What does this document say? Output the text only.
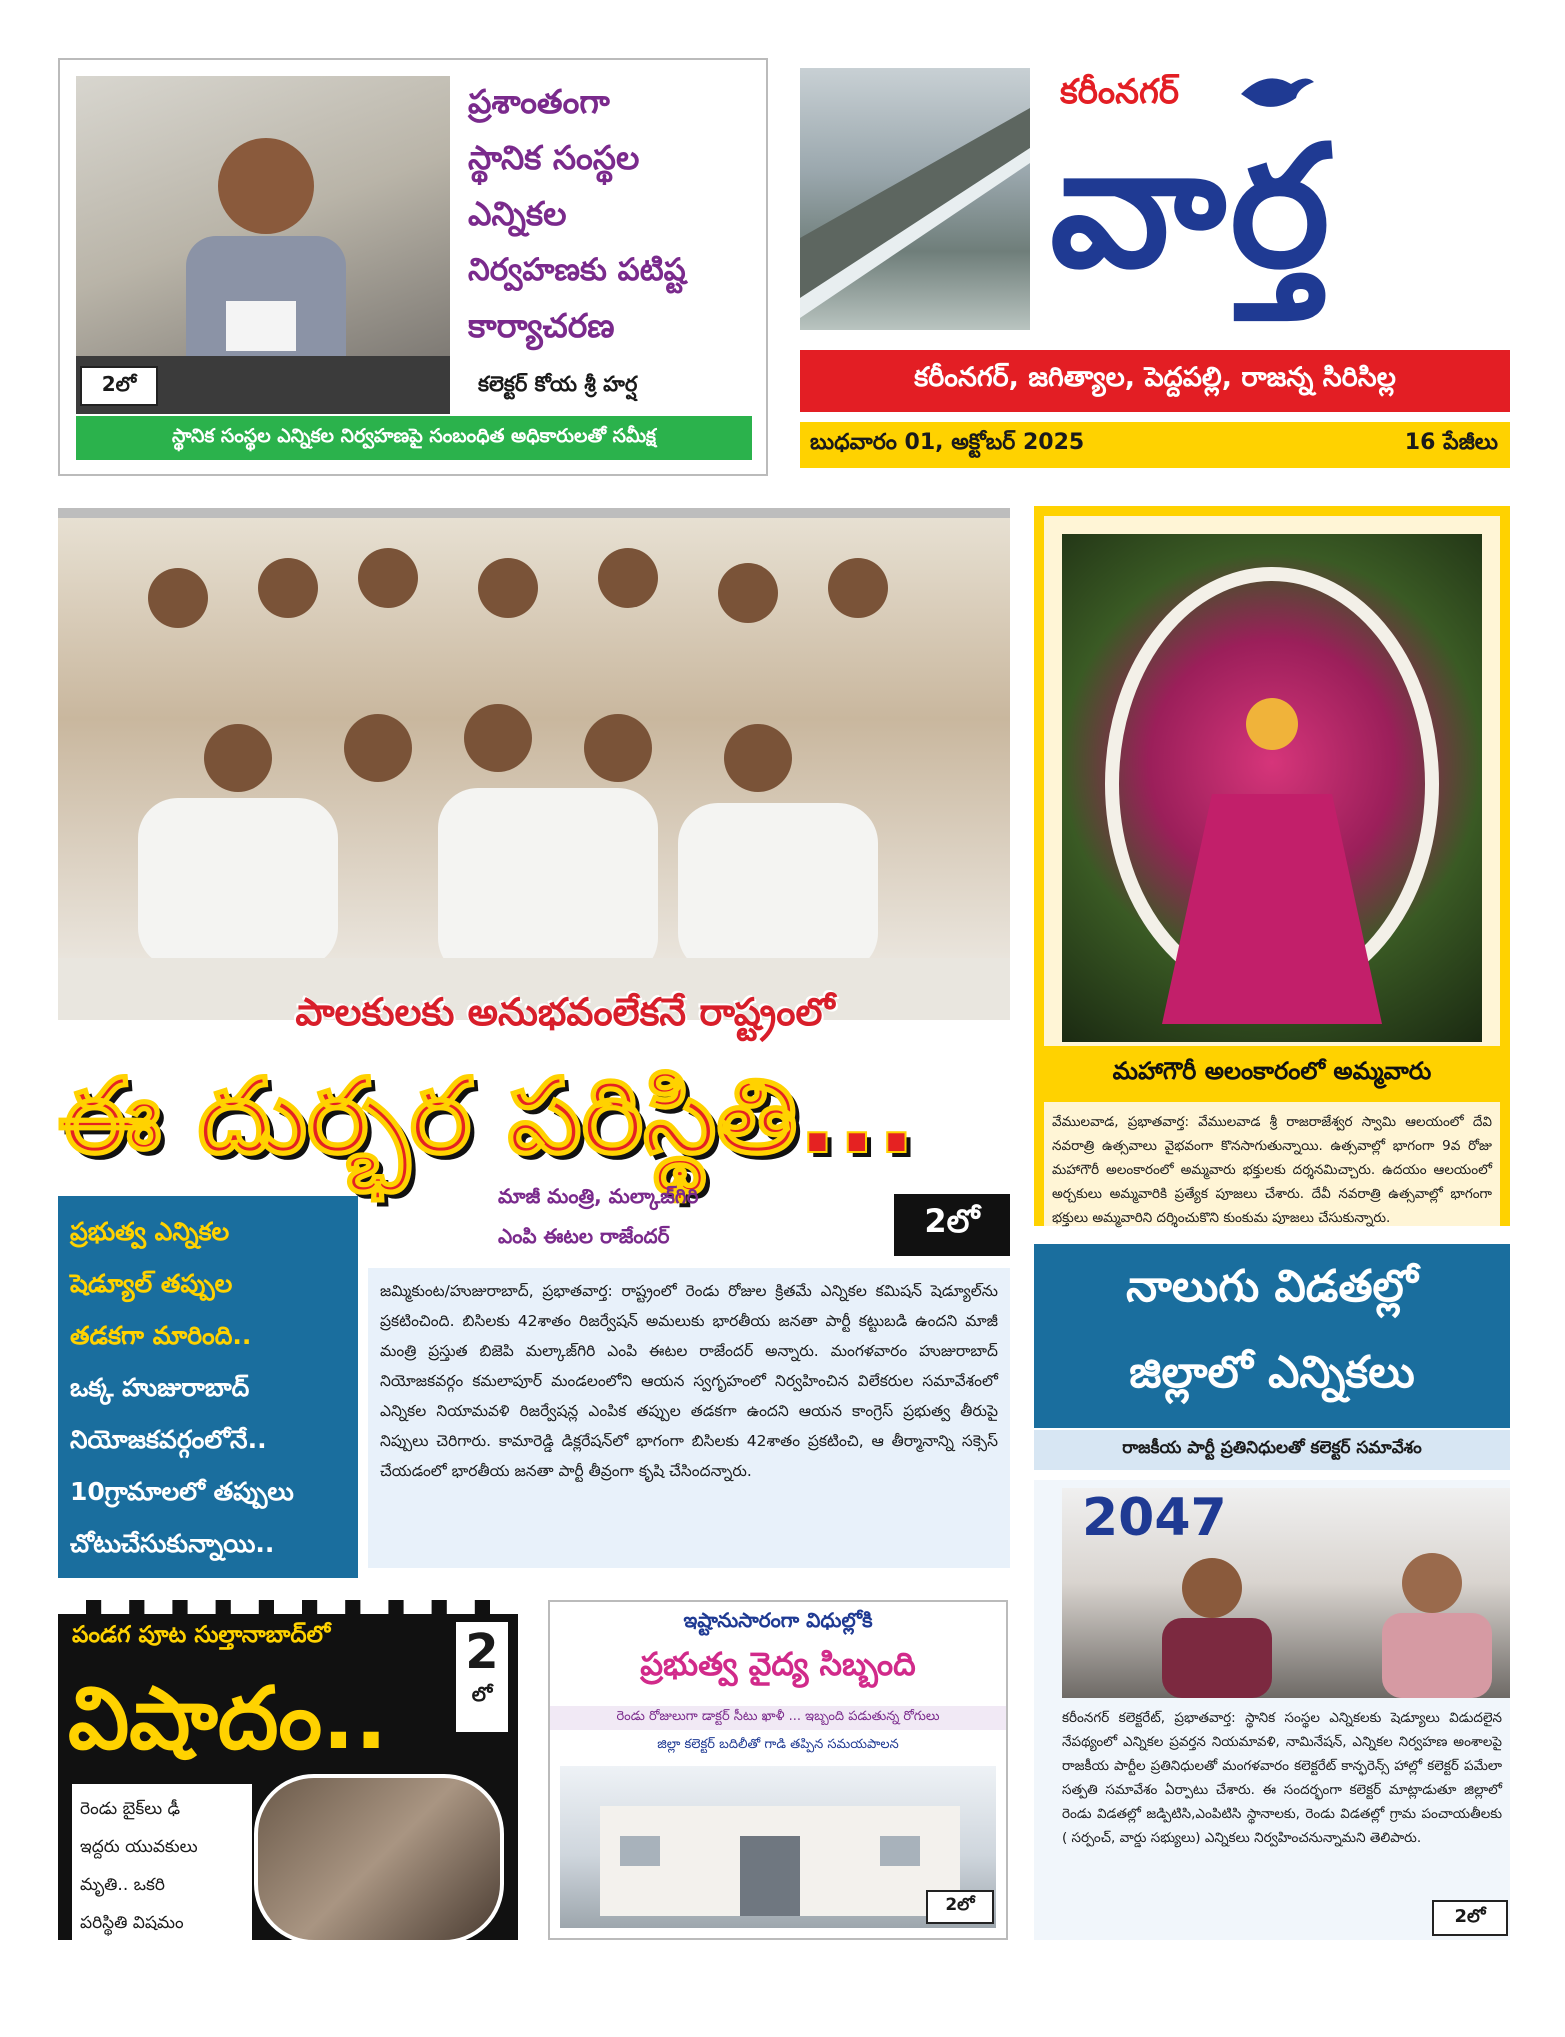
2లో
ప్రశాంతంగా
స్థానిక సంస్థల
ఎన్నికల
నిర్వహణకు పటిష్ట
కార్యాచరణ
కలెక్టర్ కోయ శ్రీ హర్ష
స్థానిక సంస్థల ఎన్నికల నిర్వహణపై సంబంధిత అధికారులతో సమీక్ష
కరీంనగర్
వార్త
కరీంనగర్, జగిత్యాల, పెద్దపల్లి, రాజన్న సిరిసిల్ల
బుధవారం 01, అక్టోబర్ 2025	16 పేజీలు
పాలకులకు అనుభవంలేకనే రాష్ట్రంలో
ఈ దుర్భర పరిస్థితి...
మాజీ మంత్రి, మల్కాజ్‌గిరి
ఎంపి ఈటల రాజేందర్	2లో
ప్రభుత్వ ఎన్నికల
షెడ్యూల్ తప్పుల
తడకగా మారింది..
ఒక్క హుజురాబాద్
నియోజకవర్గంలోనే..
10గ్రామాలలో తప్పులు
చోటుచేసుకున్నాయి..
జమ్మికుంట/హుజురాబాద్, ప్రభాతవార్త: రాష్ట్రంలో రెండు రోజుల క్రితమే ఎన్నికల కమిషన్ షెడ్యూల్‌ను ప్రకటించింది. బిసిలకు 42శాతం రిజర్వేషన్ అమలుకు భారతీయ జనతా పార్టీ కట్టుబడి ఉందని మాజీ మంత్రి ప్రస్తుత బిజెపి మల్కాజ్‌గిరి ఎంపి ఈటల రాజేందర్ అన్నారు. మంగళవారం హుజురాబాద్ నియోజకవర్గం కమలాపూర్ మండలంలోని ఆయన స్వగృహంలో నిర్వహించిన విలేకరుల సమావేశంలో ఎన్నికల నియామవళి రిజర్వేషన్ల ఎంపిక తప్పుల తడకగా ఉందని ఆయన కాంగ్రెస్ ప్రభుత్వ తీరుపై నిప్పులు చెరిగారు. కామారెడ్డి డిక్లరేషన్‌లో భాగంగా బిసిలకు 42శాతం ప్రకటించి, ఆ తీర్మానాన్ని సక్సెస్ చేయడంలో భారతీయ జనతా పార్టీ తీవ్రంగా కృషి చేసిందన్నారు.
మహాగౌరీ అలంకారంలో అమ్మవారు
వేములవాడ, ప్రభాతవార్త: వేములవాడ శ్రీ రాజరాజేశ్వర స్వామి ఆలయంలో దేవి నవరాత్రి ఉత్సవాలు వైభవంగా కొనసాగుతున్నాయి. ఉత్సవాల్లో భాగంగా 9వ రోజు మహాగౌరీ అలంకారంలో అమ్మవారు భక్తులకు దర్శనమిచ్చారు. ఉదయం ఆలయంలో అర్చకులు అమ్మవారికి ప్రత్యేక పూజలు చేశారు. దేవీ నవరాత్రి ఉత్సవాల్లో భాగంగా భక్తులు అమ్మవారిని దర్శించుకొని కుంకుమ పూజలు చేసుకున్నారు.
నాలుగు విడతల్లో
జిల్లాలో ఎన్నికలు
రాజకీయ పార్టీ ప్రతినిధులతో కలెక్టర్ సమావేశం
2047
కరీంనగర్ కలెక్టరేట్, ప్రభాతవార్త: స్థానిక సంస్థల ఎన్నికలకు షెడ్యూలు విడుదలైన నేపథ్యంలో ఎన్నికల ప్రవర్తన నియమావళి, నామినేషన్, ఎన్నికల నిర్వహణ అంశాలపై రాజకీయ పార్టీల ప్రతినిధులతో మంగళవారం కలెక్టరేట్ కాన్ఫరెన్స్ హాల్లో కలెక్టర్ పమేలా సత్పతి సమావేశం ఏర్పాటు చేశారు. ఈ సందర్భంగా కలెక్టర్ మాట్లాడుతూ జిల్లాలో రెండు విడతల్లో జడ్పిటిసి,ఎంపిటిసి స్థానాలకు, రెండు విడతల్లో గ్రామ పంచాయతీలకు ( సర్పంచ్, వార్డు సభ్యులు) ఎన్నికలు నిర్వహించనున్నామని తెలిపారు.
2లో
పండగ పూట సుల్తానాబాద్‌లో
విషాదం..
2
లో
రెండు బైక్‌లు ఢీ
ఇద్దరు యువకులు
మృతి.. ఒకరి
పరిస్థితి విషమం
ఇష్టానుసారంగా విధుల్లోకి
ప్రభుత్వ వైద్య సిబ్బంది
రెండు రోజులుగా డాక్టర్ సీటు ఖాళీ ... ఇబ్బంది పడుతున్న రోగులు
జిల్లా కలెక్టర్ బదిలీతో గాడి తప్పిన సమయపాలన
2లో
